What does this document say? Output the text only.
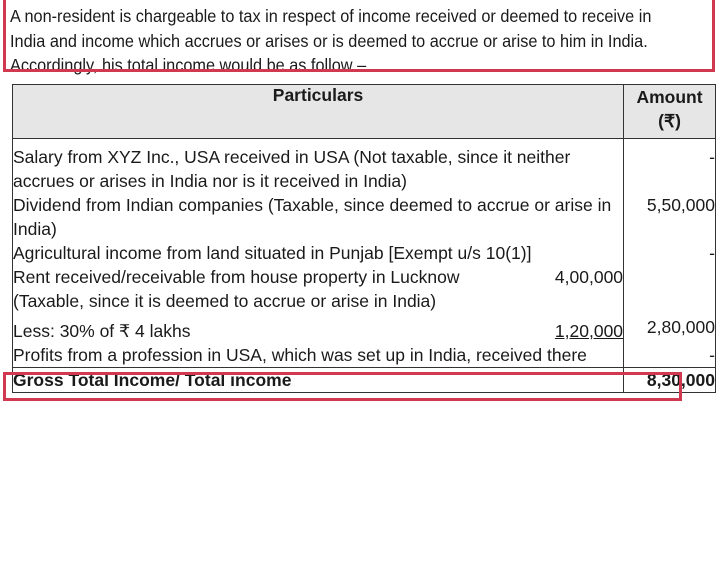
A non-resident is chargeable to tax in respect of income received or deemed to receive in
India and income which accrues or arises or is deemed to accrue or arise to him in India.
Accordingly, his total income would be as follow –
Particulars	Amount
(₹)

Salary from XYZ Inc., USA received in USA (Not taxable, since it neither accrues or arises in India nor is it received in India)	-
Dividend from Indian companies (Taxable, since deemed to accrue or arise in India)	5,50,000
Agricultural income from land situated in Punjab [Exempt u/s 10(1)]	-

Rent received/receivable from house property in Lucknow 4,00,000
(Taxable, since it is deemed to accrue or arise in India)
Less: 30% of ₹ 4 lakhs 1,20,000	2,80,000
Profits from a profession in USA, which was set up in India, received there	-
Gross Total Income/ Total income	8,30,000
